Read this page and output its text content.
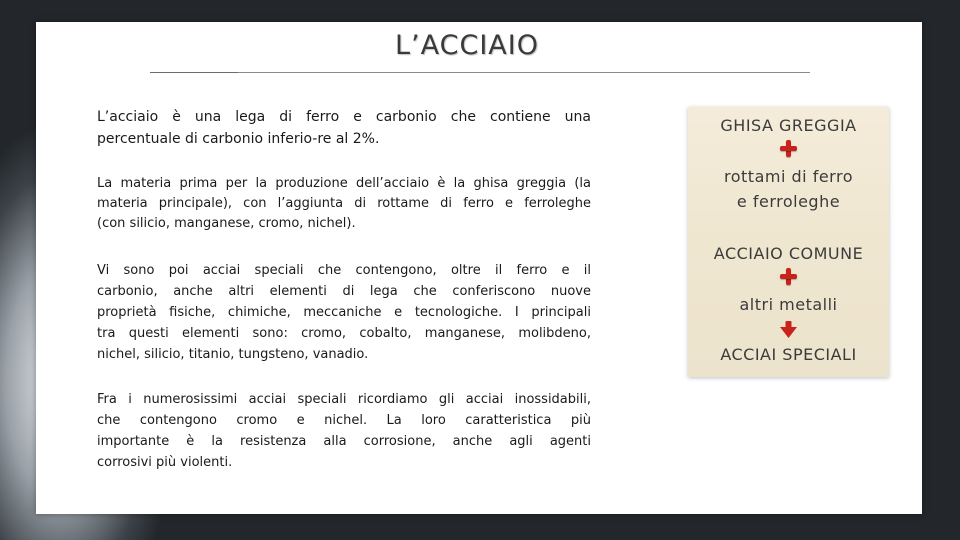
L’ACCIAIO
L’acciaio è una lega di ferro e carbonio che contiene una
percentuale di carbonio inferio-re al 2%.
La materia prima per la produzione dell’acciaio è la ghisa greggia (la
materia principale), con l’aggiunta di rottame di ferro e ferroleghe
(con silicio, manganese, cromo, nichel).
Vi sono poi acciai speciali che contengono, oltre il ferro e il
carbonio, anche altri elementi di lega che conferiscono nuove
proprietà fisiche, chimiche, meccaniche e tecnologiche. I principali
tra questi elementi sono: cromo, cobalto, manganese, molibdeno,
nichel, silicio, titanio, tungsteno, vanadio.
Fra i numerosissimi acciai speciali ricordiamo gli acciai inossidabili,
che contengono cromo e nichel. La loro caratteristica più
importante è la resistenza alla corrosione, anche agli agenti
corrosivi più violenti.
GHISA GREGGIA
rottami di ferro
e ferroleghe
ACCIAIO COMUNE
altri metalli
ACCIAI SPECIALI
